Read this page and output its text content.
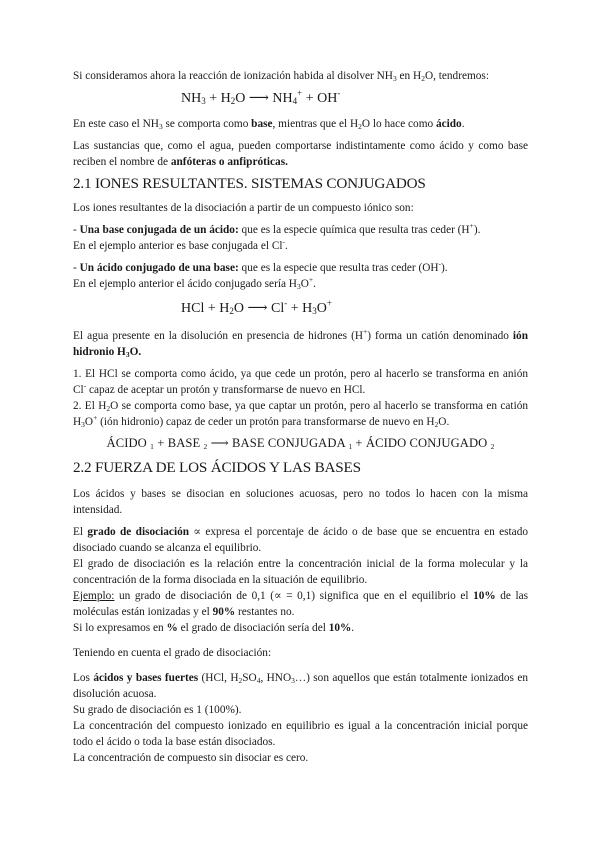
Si consideramos ahora la reacción de ionización habida al disolver $NH_3$ en $H_2O$, tendremos:

$NH_3 + H_2O$ ⟶ $NH_4^+ + OH^-$

En este caso el $NH_3$ se comporta como base, mientras que el $H_2O$ lo hace como ácido.

Las sustancias que, como el agua, pueden comportarse indistintamente como ácido y como base reciben el nombre de anfóteras o anfipróticas.

2.1 IONES RESULTANTES. SISTEMAS CONJUGADOS

Los iones resultantes de la disociación a partir de un compuesto iónico son:

- Una base conjugada de un ácido: que es la especie química que resulta tras ceder (H+).

En el ejemplo anterior es base conjugada el Cl-.

- Un ácido conjugado de una base: que es la especie que resulta tras ceder (OH-).

En el ejemplo anterior el ácido conjugado sería $H_3O^+$.

HCl + $H_2O$ ⟶ $Cl^- + H_3O^+$

El agua presente en la disolución en presencia de hidrones (H+) forma un catión denominado ión hidronio $H_3O$.

1. El HCl se comporta como ácido, ya que cede un protón, pero al hacerlo se transforma en anión Cl- capaz de aceptar un protón y transformarse de nuevo en HCl.

2. El $H_2O$ se comporta como base, ya que captar un protón, pero al hacerlo se transforma en catión $H_3O^+$ (ión hidronio) capaz de ceder un protón para transformarse de nuevo en $H_2O$.

ÁCIDO $_1$ + BASE $_2$ ⟶ BASE CONJUGADA $_1$ + ÁCIDO CONJUGADO $_2$

2.2 FUERZA DE LOS ÁCIDOS Y LAS BASES

Los ácidos y bases se disocian en soluciones acuosas, pero no todos lo hacen con la misma intensidad.

El grado de disociación ∝ expresa el porcentaje de ácido o de base que se encuentra en estado disociado cuando se alcanza el equilibrio.

El grado de disociación es la relación entre la concentración inicial de la forma molecular y la concentración de la forma disociada en la situación de equilibrio.

Ejemplo: un grado de disociación de 0,1 (∝ = 0,1) significa que en el equilibrio el 10% de las moléculas están ionizadas y el 90% restantes no.

Si lo expresamos en % el grado de disociación sería del 10%.

Teniendo en cuenta el grado de disociación:

Los ácidos y bases fuertes (HCl, $H_2SO_4$, $HNO_3\dots$) son aquellos que están totalmente ionizados en disolución acuosa.

Su grado de disociación es 1 (100%).

La concentración del compuesto ionizado en equilibrio es igual a la concentración inicial porque todo el ácido o toda la base están disociados.

La concentración de compuesto sin disociar es cero.
